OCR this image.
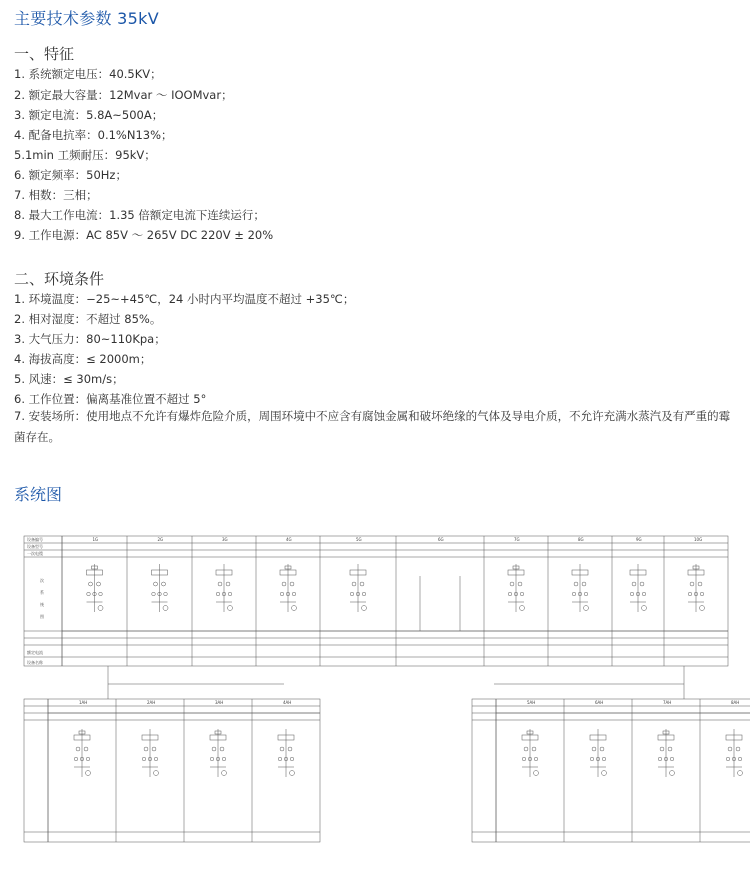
主要技术参数 35kV
一、特征
1. 系统额定电压：40.5KV；
2. 额定最大容量：12Mvar ～ IOOMvar；
3. 额定电流：5.8A~500A；
4. 配备电抗率：0.1%N13%；
5.1min 工频耐压：95kV；
6. 额定频率：50Hz；
7. 相数：三相；
8. 最大工作电流：1.35 倍额定电流下连续运行；
9. 工作电源：AC 85V ～ 265V DC 220V ± 20%
二、环境条件
1. 环境温度：−25~+45℃，24 小时内平均温度不超过 +35℃；
2. 相对湿度：不超过 85%。
3. 大气压力：80~110Kpa；
4. 海拔高度：≤ 2000m；
5. 风速：≤ 30m/s；
6. 工作位置：偏离基准位置不超过 5°
7. 安装场所：使用地点不允许有爆炸危险介质，周围环境中不应含有腐蚀金属和破坏绝缘的气体及导电介质，不允许充满水蒸汽及有严重的霉菌存在。
系统图
设备编号
设备型号
一次电缆
次
系
统
图
额定电流
设备名称
1G	2G	3G	4G	5G	6G	7G	8G	9G	10G
1AH	2AH	3AH	4AH	5AH	6AH	7AH	8AH
